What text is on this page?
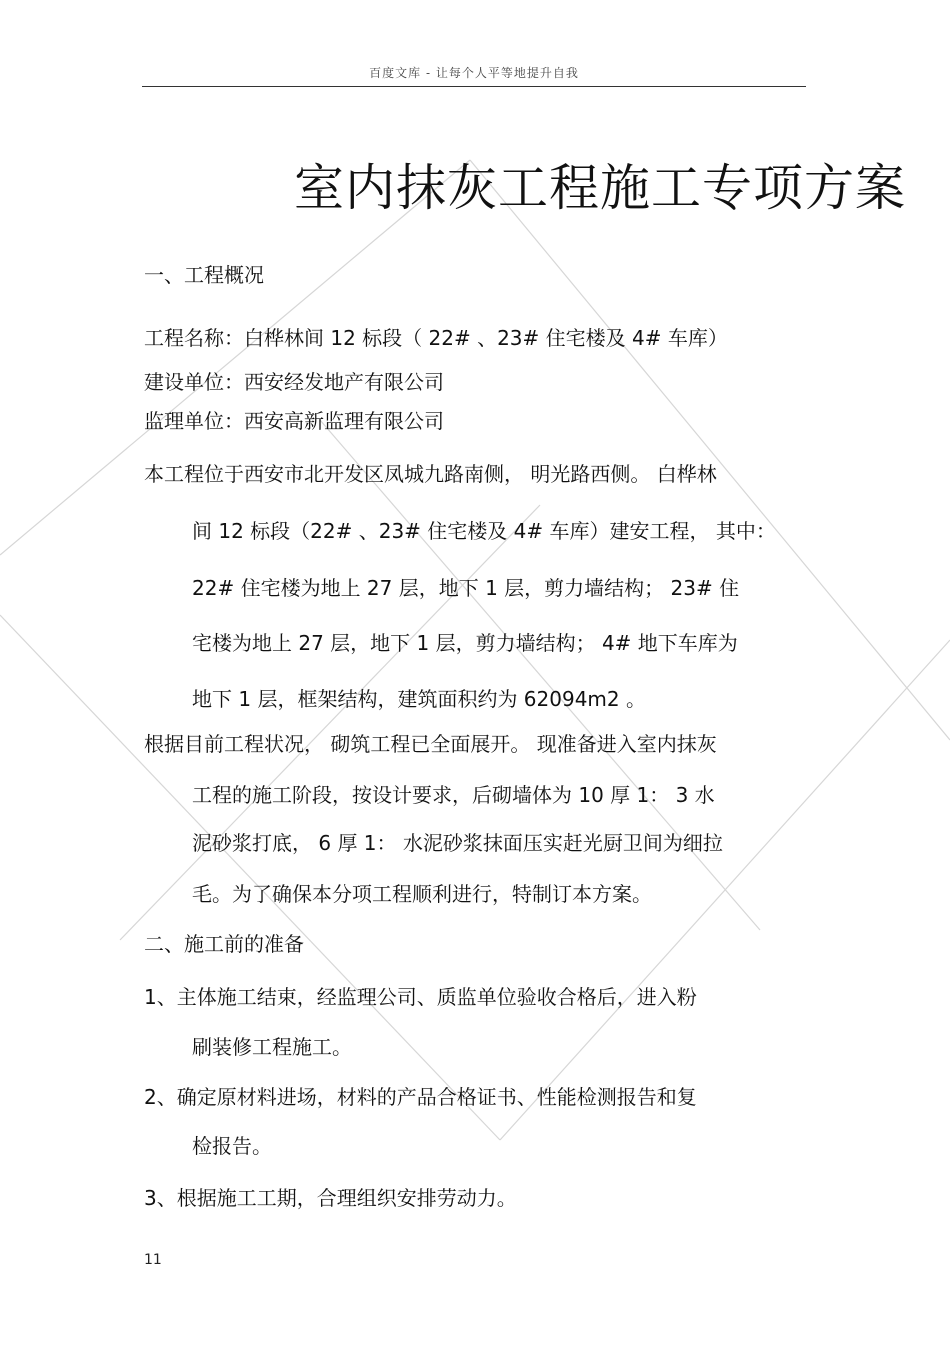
百度文库 - 让每个人平等地提升自我
室内抹灰工程施工专项方案
一、工程概况
工程名称：白桦林间 12 标段（ 22# 、23# 住宅楼及 4# 车库）
建设单位：西安经发地产有限公司
监理单位：西安高新监理有限公司
本工程位于西安市北开发区凤城九路南侧， 明光路西侧。 白桦林
间 12 标段（22# 、23# 住宅楼及 4# 车库）建安工程， 其中：
22# 住宅楼为地上 27 层，地下 1 层，剪力墙结构； 23# 住
宅楼为地上 27 层，地下 1 层，剪力墙结构； 4# 地下车库为
地下 1 层，框架结构，建筑面积约为 62094m2 。
根据目前工程状况， 砌筑工程已全面展开。 现准备进入室内抹灰
工程的施工阶段，按设计要求，后砌墙体为 10 厚 1： 3 水
泥砂浆打底， 6 厚 1： 水泥砂浆抹面压实赶光厨卫间为细拉
毛。为了确保本分项工程顺利进行，特制订本方案。
二、施工前的准备
1、主体施工结束，经监理公司、质监单位验收合格后，进入粉
刷装修工程施工。
2、确定原材料进场，材料的产品合格证书、性能检测报告和复
检报告。
3、根据施工工期，合理组织安排劳动力。
11
